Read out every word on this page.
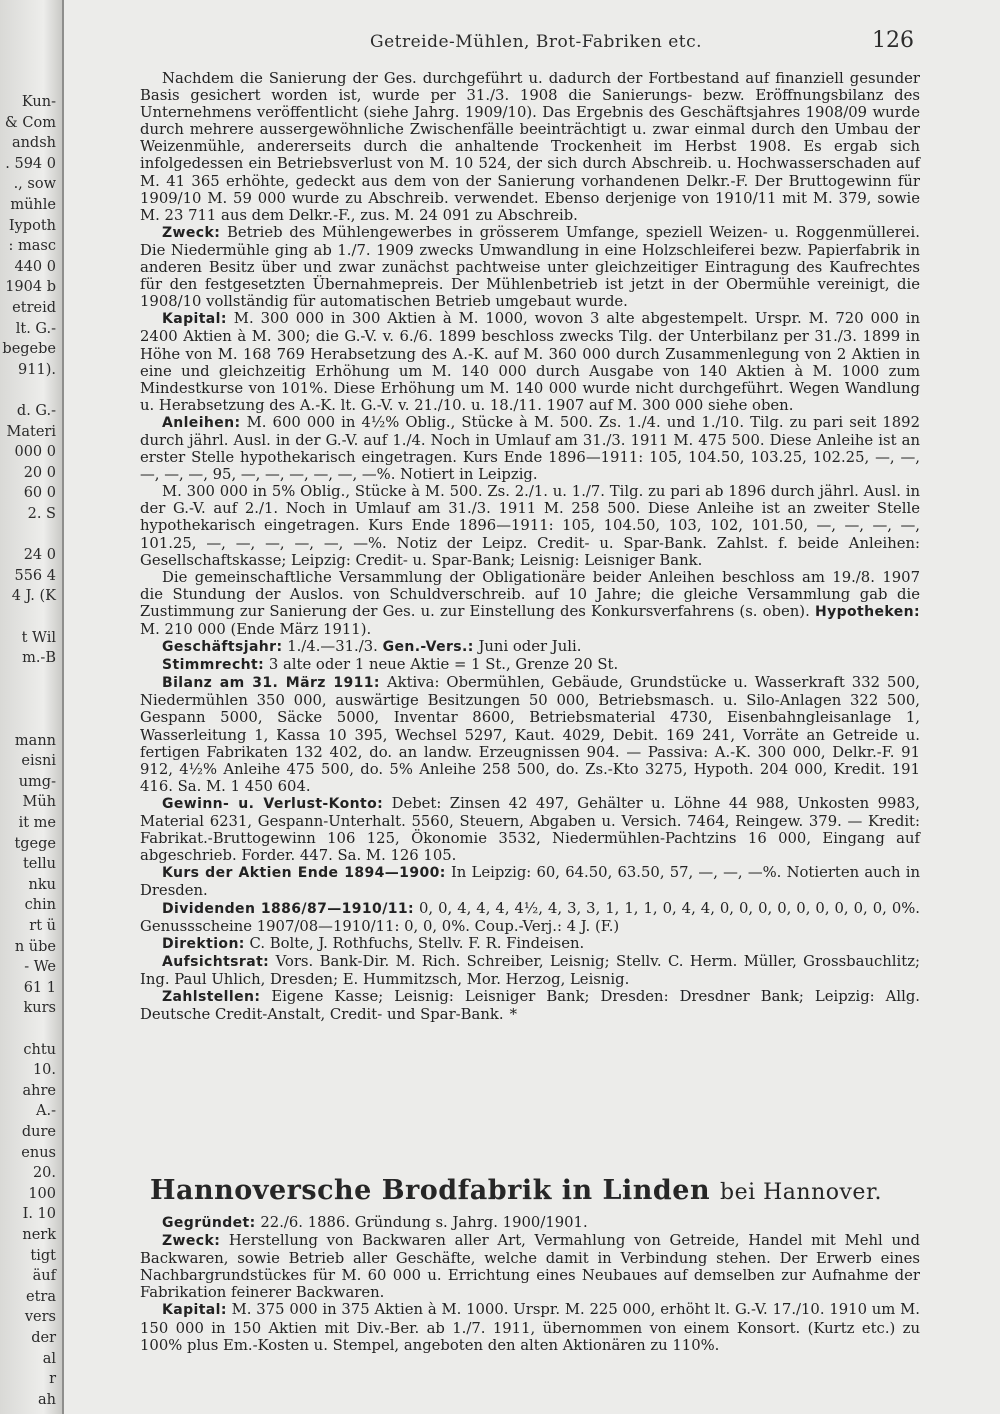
Kun-
& Com
andsh
. 594 0
., sow
mühle
Iypoth
: masc
440 0
1904 b
etreid
lt. G.-
begebe
911).
d. G.-
Materi
000 0
20 0
60 0
2. S
24 0
556 4
4 J. (K
t Wil
m.-B
mann
eisni
umg-
Müh
it me
tgege
tellu
nku
chin
rt ü
n übe
- We
61 1
kurs
chtu
10.
ahre
A.-
dure
enus
20.
100
I. 10
nerk
tigt
äuf
etra
vers
der
al
r
ah
Getreide-Mühlen, Brot-Fabriken etc.	126

Nachdem die Sanierung der Ges. durchgeführt u. dadurch der Fortbestand auf finanziell gesunder Basis gesichert worden ist, wurde per 31./3. 1908 die Sanierungs- bezw. Eröffnungsbilanz des Unternehmens veröffentlicht (siehe Jahrg. 1909/10). Das Ergebnis des Geschäftsjahres 1908/09 wurde durch mehrere aussergewöhnliche Zwischenfälle beeinträchtigt u. zwar einmal durch den Umbau der Weizenmühle, andererseits durch die anhaltende Trockenheit im Herbst 1908. Es ergab sich infolgedessen ein Betriebsverlust von M. 10 524, der sich durch Abschreib. u. Hochwasserschaden auf M. 41 365 erhöhte, gedeckt aus dem von der Sanierung vorhandenen Delkr.-F. Der Bruttogewinn für 1909/10 M. 59 000 wurde zu Abschreib. verwendet. Ebenso derjenige von 1910/11 mit M. 379, sowie M. 23 711 aus dem Delkr.-F., zus. M. 24 091 zu Abschreib.

Zweck: Betrieb des Mühlengewerbes in grösserem Umfange, speziell Weizen- u. Roggenmüllerei. Die Niedermühle ging ab 1./7. 1909 zwecks Umwandlung in eine Holzschleiferei bezw. Papierfabrik in anderen Besitz über und zwar zunächst pachtweise unter gleichzeitiger Eintragung des Kaufrechtes für den festgesetzten Übernahmepreis. Der Mühlenbetrieb ist jetzt in der Obermühle vereinigt, die 1908/10 vollständig für automatischen Betrieb umgebaut wurde.

Kapital: M. 300 000 in 300 Aktien à M. 1000, wovon 3 alte abgestempelt. Urspr. M. 720 000 in 2400 Aktien à M. 300; die G.-V. v. 6./6. 1899 beschloss zwecks Tilg. der Unterbilanz per 31./3. 1899 in Höhe von M. 168 769 Herabsetzung des A.-K. auf M. 360 000 durch Zusammenlegung von 2 Aktien in eine und gleichzeitig Erhöhung um M. 140 000 durch Ausgabe von 140 Aktien à M. 1000 zum Mindestkurse von 101%. Diese Erhöhung um M. 140 000 wurde nicht durchgeführt. Wegen Wandlung u. Herabsetzung des A.-K. lt. G.-V. v. 21./10. u. 18./11. 1907 auf M. 300 000 siehe oben.

Anleihen: M. 600 000 in 4½% Oblig., Stücke à M. 500. Zs. 1./4. und 1./10. Tilg. zu pari seit 1892 durch jährl. Ausl. in der G.-V. auf 1./4. Noch in Umlauf am 31./3. 1911 M. 475 500. Diese Anleihe ist an erster Stelle hypothekarisch eingetragen. Kurs Ende 1896—1911: 105, 104.50, 103.25, 102.25, —, —, —, —, —, 95, —, —, —, —, —, —%. Notiert in Leipzig.

M. 300 000 in 5% Oblig., Stücke à M. 500. Zs. 2./1. u. 1./7. Tilg. zu pari ab 1896 durch jährl. Ausl. in der G.-V. auf 2./1. Noch in Umlauf am 31./3. 1911 M. 258 500. Diese Anleihe ist an zweiter Stelle hypothekarisch eingetragen. Kurs Ende 1896—1911: 105, 104.50, 103, 102, 101.50, —, —, —, —, 101.25, —, —, —, —, —, —%. Notiz der Leipz. Credit- u. Spar-Bank. Zahlst. f. beide Anleihen: Gesellschaftskasse; Leipzig: Credit- u. Spar-Bank; Leisnig: Leisniger Bank.

Die gemeinschaftliche Versammlung der Obligationäre beider Anleihen beschloss am 19./8. 1907 die Stundung der Auslos. von Schuldverschreib. auf 10 Jahre; die gleiche Versammlung gab die Zustimmung zur Sanierung der Ges. u. zur Einstellung des Konkursverfahrens (s. oben). Hypotheken: M. 210 000 (Ende März 1911).

Geschäftsjahr: 1./4.—31./3. Gen.-Vers.: Juni oder Juli.

Stimmrecht: 3 alte oder 1 neue Aktie = 1 St., Grenze 20 St.

Bilanz am 31. März 1911: Aktiva: Obermühlen, Gebäude, Grundstücke u. Wasserkraft 332 500, Niedermühlen 350 000, auswärtige Besitzungen 50 000, Betriebsmasch. u. Silo-Anlagen 322 500, Gespann 5000, Säcke 5000, Inventar 8600, Betriebsmaterial 4730, Eisenbahngleisanlage 1, Wasserleitung 1, Kassa 10 395, Wechsel 5297, Kaut. 4029, Debit. 169 241, Vorräte an Getreide u. fertigen Fabrikaten 132 402, do. an landw. Erzeugnissen 904. — Passiva: A.-K. 300 000, Delkr.-F. 91 912, 4½% Anleihe 475 500, do. 5% Anleihe 258 500, do. Zs.-Kto 3275, Hypoth. 204 000, Kredit. 191 416. Sa. M. 1 450 604.

Gewinn- u. Verlust-Konto: Debet: Zinsen 42 497, Gehälter u. Löhne 44 988, Unkosten 9983, Material 6231, Gespann-Unterhalt. 5560, Steuern, Abgaben u. Versich. 7464, Reingew. 379. — Kredit: Fabrikat.-Bruttogewinn 106 125, Ökonomie 3532, Niedermühlen-Pachtzins 16 000, Eingang auf abgeschrieb. Forder. 447. Sa. M. 126 105.

Kurs der Aktien Ende 1894—1900: In Leipzig: 60, 64.50, 63.50, 57, —, —, —%. Notierten auch in Dresden.

Dividenden 1886/87—1910/11: 0, 0, 4, 4, 4, 4½, 4, 3, 3, 1, 1, 1, 0, 4, 4, 0, 0, 0, 0, 0, 0, 0, 0, 0, 0%. Genussscheine 1907/08—1910/11: 0, 0, 0%. Coup.-Verj.: 4 J. (F.)

Direktion: C. Bolte, J. Rothfuchs, Stellv. F. R. Findeisen.

Aufsichtsrat: Vors. Bank-Dir. M. Rich. Schreiber, Leisnig; Stellv. C. Herm. Müller, Grossbauchlitz; Ing. Paul Uhlich, Dresden; E. Hummitzsch, Mor. Herzog, Leisnig.

Zahlstellen: Eigene Kasse; Leisnig: Leisniger Bank; Dresden: Dresdner Bank; Leipzig: Allg. Deutsche Credit-Anstalt, Credit- und Spar-Bank. *

Hannoversche Brodfabrik in Linden bei Hannover.

Gegründet: 22./6. 1886. Gründung s. Jahrg. 1900/1901.

Zweck: Herstellung von Backwaren aller Art, Vermahlung von Getreide, Handel mit Mehl und Backwaren, sowie Betrieb aller Geschäfte, welche damit in Verbindung stehen. Der Erwerb eines Nachbargrundstückes für M. 60 000 u. Errichtung eines Neubaues auf demselben zur Aufnahme der Fabrikation feinerer Backwaren.

Kapital: M. 375 000 in 375 Aktien à M. 1000. Urspr. M. 225 000, erhöht lt. G.-V. 17./10. 1910 um M. 150 000 in 150 Aktien mit Div.-Ber. ab 1./7. 1911, übernommen von einem Konsort. (Kurtz etc.) zu 100% plus Em.-Kosten u. Stempel, angeboten den alten Aktionären zu 110%.
